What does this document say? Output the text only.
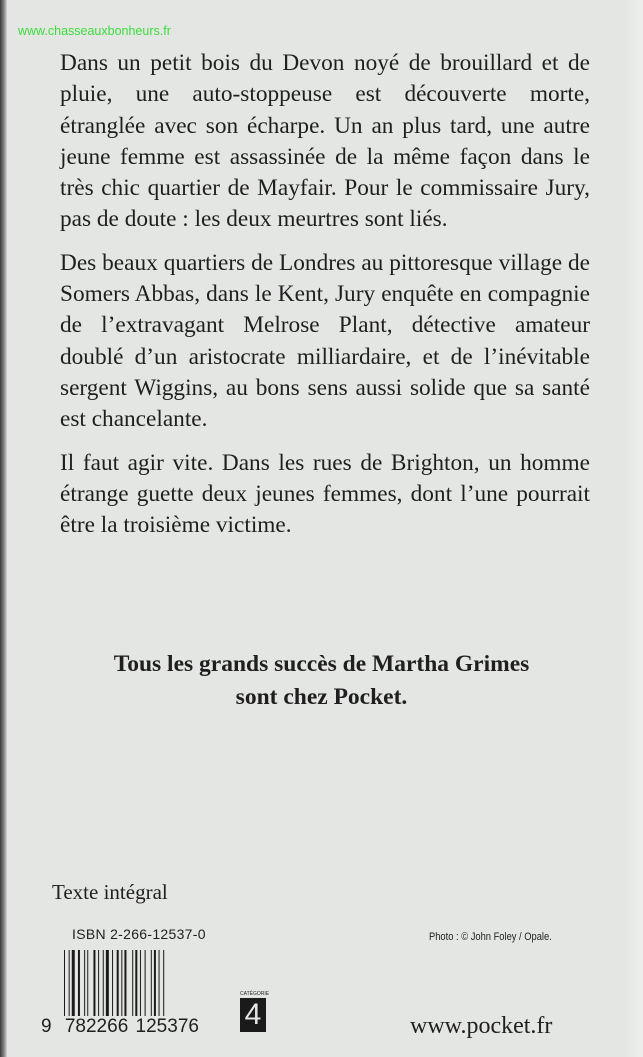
www.chasseauxbonheurs.fr

Dans un petit bois du Devon noyé de brouillard et de pluie, une auto-stoppeuse est découverte morte, étranglée avec son écharpe. Un an plus tard, une autre jeune femme est assassinée de la même façon dans le très chic quartier de Mayfair. Pour le commissaire Jury, pas de doute : les deux meurtres sont liés.

Des beaux quartiers de Londres au pittoresque village de Somers Abbas, dans le Kent, Jury enquête en compagnie de l’extravagant Melrose Plant, détective amateur doublé d’un aristocrate milliardaire, et de l’inévitable sergent Wiggins, au bons sens aussi solide que sa santé est chancelante.

Il faut agir vite. Dans les rues de Brighton, un homme étrange guette deux jeunes femmes, dont l’une pourrait être la troisième victime.

Tous les grands succès de Martha Grimes
sont chez Pocket.
Texte intégral
ISBN 2-266-12537-0	Photo : © John Foley / Opale.
9 782266 125376
CATÉGORIE
4	www.pocket.fr
